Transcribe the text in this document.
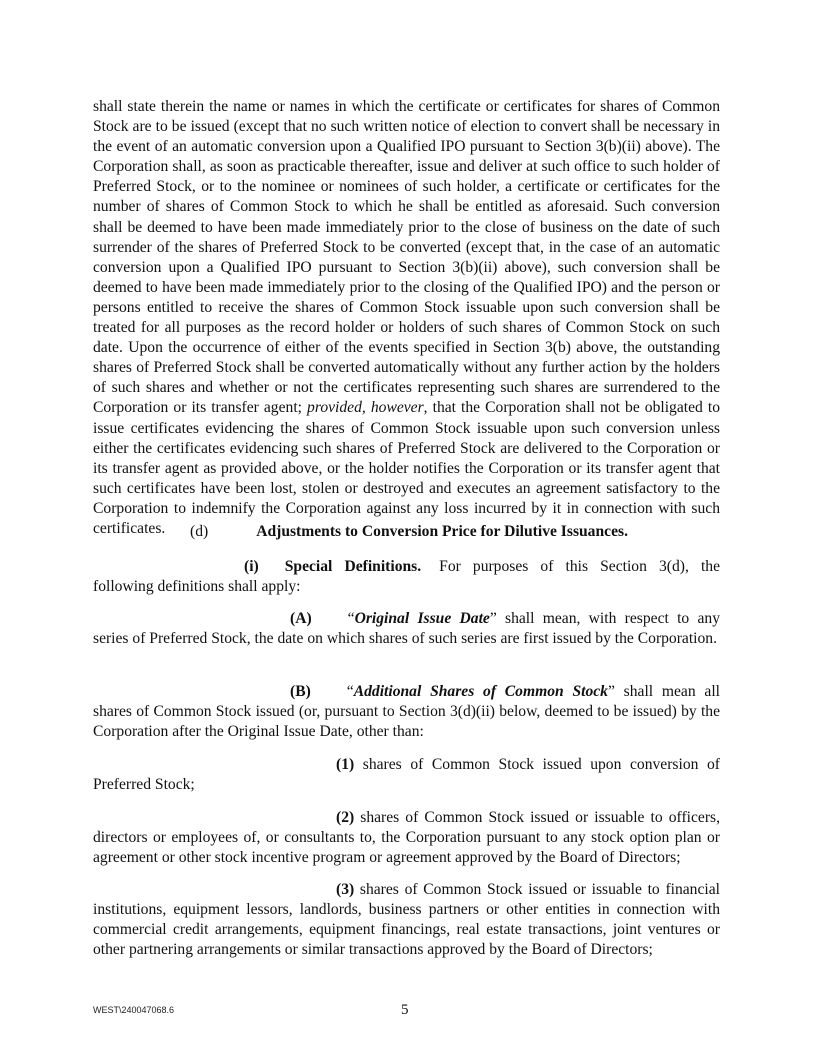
shall state therein the name or names in which the certificate or certificates for shares of Common Stock are to be issued (except that no such written notice of election to convert shall be necessary in the event of an automatic conversion upon a Qualified IPO pursuant to Section 3(b)(ii) above). The Corporation shall, as soon as practicable thereafter, issue and deliver at such office to such holder of Preferred Stock, or to the nominee or nominees of such holder, a certificate or certificates for the number of shares of Common Stock to which he shall be entitled as aforesaid. Such conversion shall be deemed to have been made immediately prior to the close of business on the date of such surrender of the shares of Preferred Stock to be converted (except that, in the case of an automatic conversion upon a Qualified IPO pursuant to Section 3(b)(ii) above), such conversion shall be deemed to have been made immediately prior to the closing of the Qualified IPO) and the person or persons entitled to receive the shares of Common Stock issuable upon such conversion shall be treated for all purposes as the record holder or holders of such shares of Common Stock on such date. Upon the occurrence of either of the events specified in Section 3(b) above, the outstanding shares of Preferred Stock shall be converted automatically without any further action by the holders of such shares and whether or not the certificates representing such shares are surrendered to the Corporation or its transfer agent; provided, however, that the Corporation shall not be obligated to issue certificates evidencing the shares of Common Stock issuable upon such conversion unless either the certificates evidencing such shares of Preferred Stock are delivered to the Corporation or its transfer agent as provided above, or the holder notifies the Corporation or its transfer agent that such certificates have been lost, stolen or destroyed and executes an agreement satisfactory to the Corporation to indemnify the Corporation against any loss incurred by it in connection with such certificates.	(d)	Adjustments to Conversion Price for Dilutive Issuances.

(i) Special Definitions. For purposes of this Section 3(d), the following definitions shall apply:

(A) “Original Issue Date” shall mean, with respect to any series of Preferred Stock, the date on which shares of such series are first issued by the Corporation.

(B) “Additional Shares of Common Stock” shall mean all shares of Common Stock issued (or, pursuant to Section 3(d)(ii) below, deemed to be issued) by the Corporation after the Original Issue Date, other than:

(1) shares of Common Stock issued upon conversion of Preferred Stock;

(2) shares of Common Stock issued or issuable to officers, directors or employees of, or consultants to, the Corporation pursuant to any stock option plan or agreement or other stock incentive program or agreement approved by the Board of Directors;

(3) shares of Common Stock issued or issuable to financial institutions, equipment lessors, landlords, business partners or other entities in connection with commercial credit arrangements, equipment financings, real estate transactions, joint ventures or other partnering arrangements or similar transactions approved by the Board of Directors;

WEST\240047068.6	5
